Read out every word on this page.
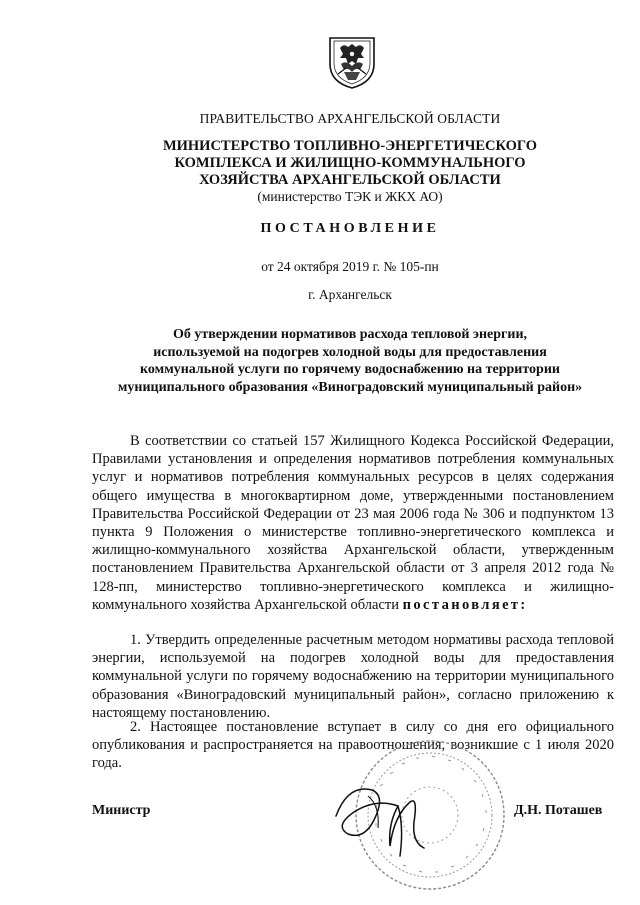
ПРАВИТЕЛЬСТВО АРХАНГЕЛЬСКОЙ ОБЛАСТИ
МИНИСТЕРСТВО ТОПЛИВНО-ЭНЕРГЕТИЧЕСКОГО
КОМПЛЕКСА И ЖИЛИЩНО-КОММУНАЛЬНОГО
ХОЗЯЙСТВА АРХАНГЕЛЬСКОЙ ОБЛАСТИ
(министерство ТЭК и ЖКХ АО)
ПОСТАНОВЛЕНИЕ
от 24 октября 2019 г. № 105-пн
г. Архангельск
Об утверждении нормативов расхода тепловой энергии,
используемой на подогрев холодной воды для предоставления
коммунальной услуги по горячему водоснабжению на территории
муниципального образования «Виноградовский муниципальный район»
В соответствии со статьей 157 Жилищного Кодекса Российской Федерации, Правилами установления и определения нормативов потребления коммунальных услуг и нормативов потребления коммунальных ресурсов в целях содержания общего имущества в многоквартирном доме, утвержденными постановлением Правительства Российской Федерации от 23 мая 2006 года № 306 и подпунктом 13 пункта 9 Положения о министерстве топливно-энергетического комплекса и жилищно-коммунального хозяйства Архангельской области, утвержденным постановлением Правительства Архангельской области от 3 апреля 2012 года № 128-пп, министерство топливно-энергетического комплекса и жилищно-коммунального хозяйства Архангельской области постановляет:
1. Утвердить определенные расчетным методом нормативы расхода тепловой энергии, используемой на подогрев холодной воды для предоставления коммунальной услуги по горячему водоснабжению на территории муниципального образования «Виноградовский муниципальный район», согласно приложению к настоящему постановлению.
2. Настоящее постановление вступает в силу со дня его официального опубликования и распространяется на правоотношения, возникшие с 1 июля 2020 года.
Министр	Д.Н. Поташев
